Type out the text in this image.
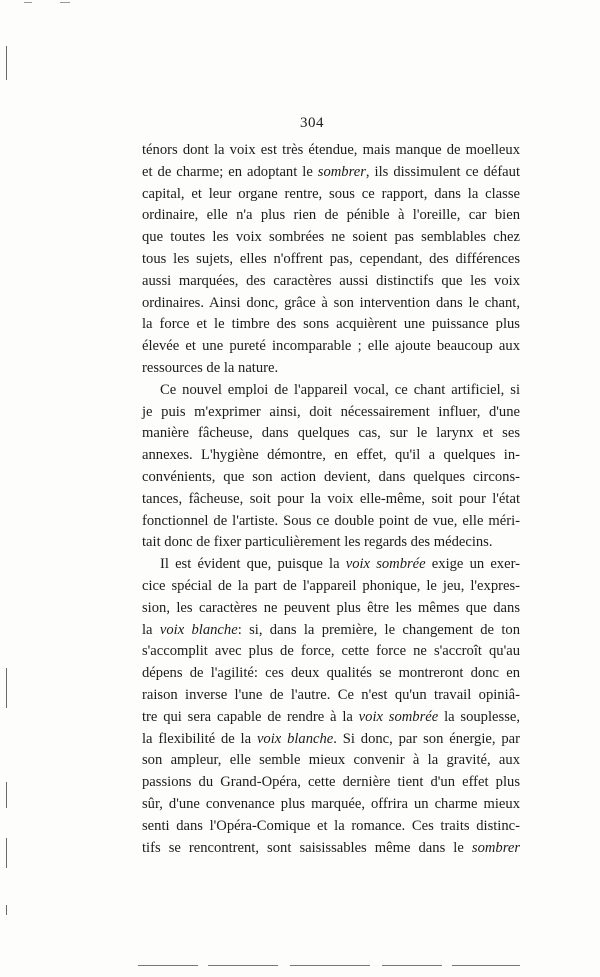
304
ténors dont la voix est très étendue, mais manque de moelleux
et de charme; en adoptant le sombrer, ils dissimulent ce défaut
capital, et leur organe rentre, sous ce rapport, dans la classe
ordinaire, elle n'a plus rien de pénible à l'oreille, car bien
que toutes les voix sombrées ne soient pas semblables chez
tous les sujets, elles n'offrent pas, cependant, des différences
aussi marquées, des caractères aussi distinctifs que les voix
ordinaires. Ainsi donc, grâce à son intervention dans le chant,
la force et le timbre des sons acquièrent une puissance plus
élevée et une pureté incomparable ; elle ajoute beaucoup aux
ressources de la nature.
Ce nouvel emploi de l'appareil vocal, ce chant artificiel, si
je puis m'exprimer ainsi, doit nécessairement influer, d'une
manière fâcheuse, dans quelques cas, sur le larynx et ses
annexes. L'hygiène démontre, en effet, qu'il a quelques in-
convénients, que son action devient, dans quelques circons-
tances, fâcheuse, soit pour la voix elle-même, soit pour l'état
fonctionnel de l'artiste. Sous ce double point de vue, elle méri-
tait donc de fixer particulièrement les regards des médecins.
Il est évident que, puisque la voix sombrée exige un exer-
cice spécial de la part de l'appareil phonique, le jeu, l'expres-
sion, les caractères ne peuvent plus être les mêmes que dans
la voix blanche: si, dans la première, le changement de ton
s'accomplit avec plus de force, cette force ne s'accroît qu'au
dépens de l'agilité: ces deux qualités se montreront donc en
raison inverse l'une de l'autre. Ce n'est qu'un travail opiniâ-
tre qui sera capable de rendre à la voix sombrée la souplesse,
la flexibilité de la voix blanche. Si donc, par son énergie, par
son ampleur, elle semble mieux convenir à la gravité, aux
passions du Grand-Opéra, cette dernière tient d'un effet plus
sûr, d'une convenance plus marquée, offrira un charme mieux
senti dans l'Opéra-Comique et la romance. Ces traits distinc-
tifs se rencontrent, sont saisissables même dans le sombrer
